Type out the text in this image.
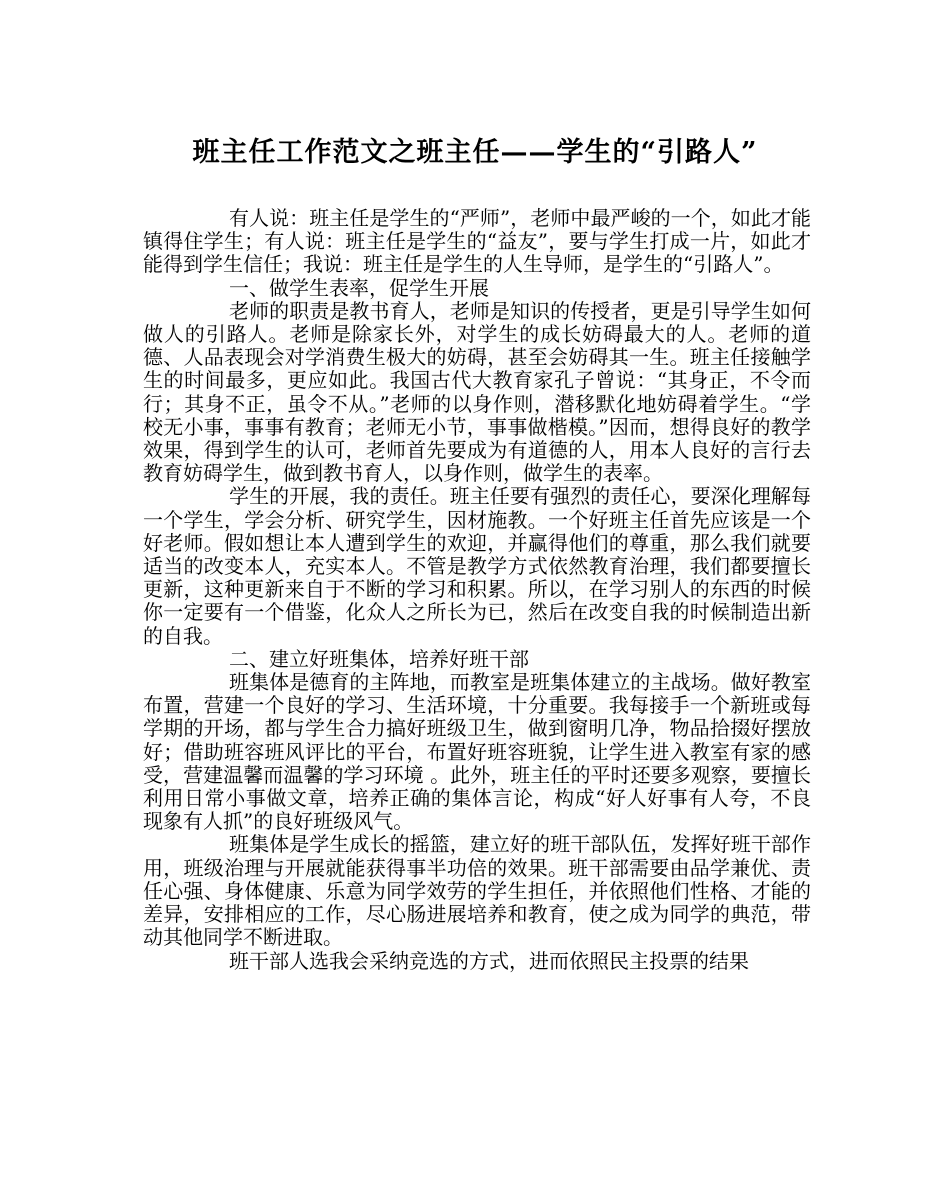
班主任工作范文之班主任——学生的“引路人”

有人说：班主任是学生的“严师”，老师中最严峻的一个，如此才能镇得住学生；有人说：班主任是学生的“益友”，要与学生打成一片，如此才能得到学生信任；我说：班主任是学生的人生导师，是学生的“引路人”。

一、做学生表率，促学生开展

老师的职责是教书育人，老师是知识的传授者，更是引导学生如何做人的引路人。老师是除家长外，对学生的成长妨碍最大的人。老师的道德、人品表现会对学消费生极大的妨碍，甚至会妨碍其一生。班主任接触学生的时间最多，更应如此。我国古代大教育家孔子曾说：“其身正，不令而行；其身不正，虽令不从。”老师的以身作则，潜移默化地妨碍着学生。“学校无小事，事事有教育；老师无小节，事事做楷模。”因而，想得良好的教学效果，得到学生的认可，老师首先要成为有道德的人，用本人良好的言行去教育妨碍学生，做到教书育人，以身作则，做学生的表率。

学生的开展，我的责任。班主任要有强烈的责任心，要深化理解每一个学生，学会分析、研究学生，因材施教。一个好班主任首先应该是一个好老师。假如想让本人遭到学生的欢迎，并赢得他们的尊重，那么我们就要适当的改变本人，充实本人。不管是教学方式依然教育治理，我们都要擅长更新，这种更新来自于不断的学习和积累。所以，在学习别人的东西的时候你一定要有一个借鉴，化众人之所长为已，然后在改变自我的时候制造出新的自我。

二、建立好班集体，培养好班干部

班集体是德育的主阵地，而教室是班集体建立的主战场。做好教室布置，营建一个良好的学习、生活环境，十分重要。我每接手一个新班或每学期的开场，都与学生合力搞好班级卫生，做到窗明几净，物品拾掇好摆放好；借助班容班风评比的平台，布置好班容班貌，让学生进入教室有家的感受，营建温馨而温馨的学习环境 。此外，班主任的平时还要多观察，要擅长利用日常小事做文章，培养正确的集体言论，构成“好人好事有人夸，不良现象有人抓”的良好班级风气。

班集体是学生成长的摇篮，建立好的班干部队伍，发挥好班干部作用，班级治理与开展就能获得事半功倍的效果。班干部需要由品学兼优、责任心强、身体健康、乐意为同学效劳的学生担任，并依照他们性格、才能的差异，安排相应的工作，尽心肠进展培养和教育，使之成为同学的典范，带动其他同学不断进取。

班干部人选我会采纳竞选的方式，进而依照民主投票的结果
